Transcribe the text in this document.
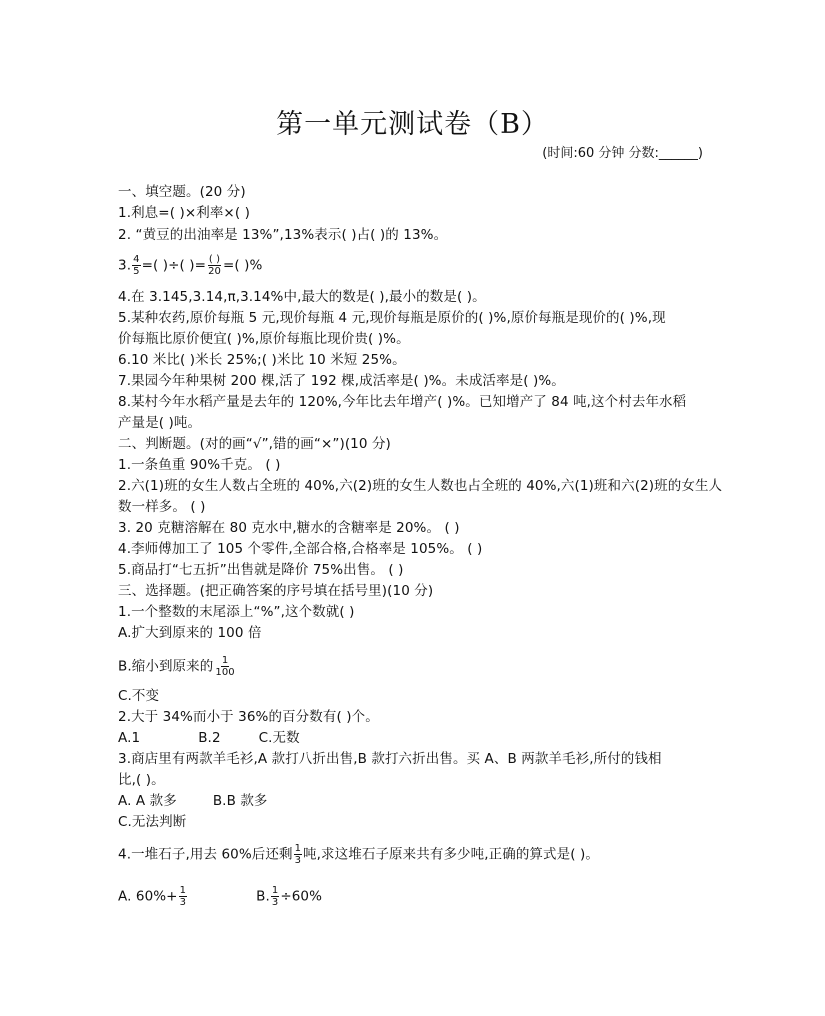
第一单元测试卷（B）
(时间:60 分钟 分数:______)
一、填空题。(20 分)
1.利息=( )×利率×( )
2. “黄豆的出油率是 13%”,13%表示( )占( )的 13%。
3. $\frac{4}{5}$ =( )÷( )= $\frac{( )}{20}$ =( )%
4.在 3.145,3.14,π,3.14%中,最大的数是( ),最小的数是( )。
5.某种农药,原价每瓶 5 元,现价每瓶 4 元,现价每瓶是原价的( )%,原价每瓶是现价的( )%,现
价每瓶比原价便宜( )%,原价每瓶比现价贵( )%。
6.10 米比( )米长 25%;( )米比 10 米短 25%。
7.果园今年种果树 200 棵,活了 192 棵,成活率是( )%。未成活率是( )%。
8.某村今年水稻产量是去年的 120%,今年比去年增产( )%。已知增产了 84 吨,这个村去年水稻
产量是( )吨。
二、判断题。(对的画“√”,错的画“×”)(10 分)
1.一条鱼重 90%千克。 ( )
2.六(1)班的女生人数占全班的 40%,六(2)班的女生人数也占全班的 40%,六(1)班和六(2)班的女生人
数一样多。 ( )
3. 20 克糖溶解在 80 克水中,糖水的含糖率是 20%。 ( )
4.李师傅加工了 105 个零件,全部合格,合格率是 105%。 ( )
5.商品打“七五折”出售就是降价 75%出售。 ( )
三、选择题。(把正确答案的序号填在括号里)(10 分)
1.一个整数的末尾添上“%”,这个数就( )
A.扩大到原来的 100 倍
B.缩小到原来的 $\frac{1}{100}$
C.不变
2.大于 34%而小于 36%的百分数有( )个。
A.1	B.2	C.无数
3.商店里有两款羊毛衫,A 款打八折出售,B 款打六折出售。买 A、B 两款羊毛衫,所付的钱相
比,( )。
A. A 款多	B.B 款多
C.无法判断
4.一堆石子,用去 60%后还剩 $\frac{1}{3}$ 吨,求这堆石子原来共有多少吨,正确的算式是( )。
A. $60\%+ \frac{1}{3}$	B. $\frac{1}{3} \div 60\%$
